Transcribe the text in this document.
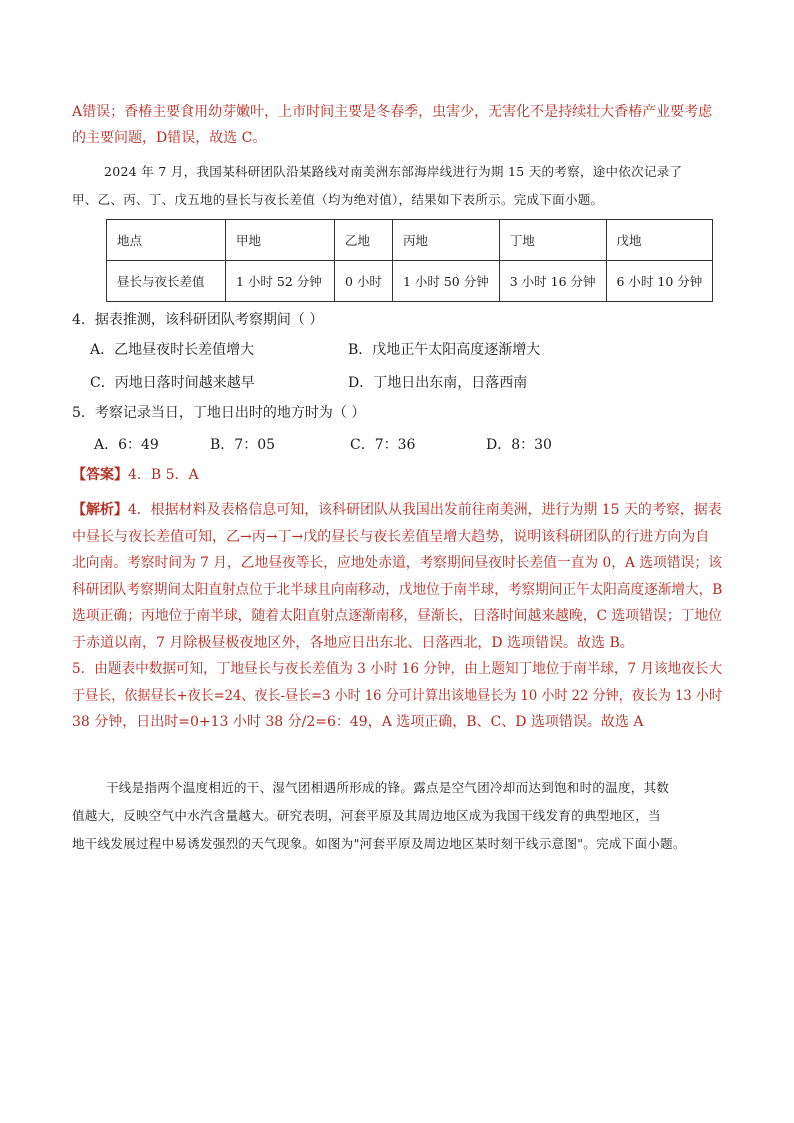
A错误；香椿主要食用幼芽嫩叶，上市时间主要是冬春季，虫害少，无害化不是持续壮大香椿产业要考虑
的主要问题，D错误，故选 C。
2024 年 7 月，我国某科研团队沿某路线对南美洲东部海岸线进行为期 15 天的考察，途中依次记录了
甲、乙、丙、丁、戊五地的昼长与夜长差值（均为绝对值），结果如下表所示。完成下面小题。
地点	甲地	乙地	丙地	丁地	戊地
昼长与夜长差值	1 小时 52 分钟	0 小时	1 小时 50 分钟	3 小时 16 分钟	6 小时 10 分钟
4．据表推测，该科研团队考察期间（ ）
A．乙地昼夜时长差值增大	B．戊地正午太阳高度逐渐增大
C．丙地日落时间越来越早	D．丁地日出东南，日落西南
5．考察记录当日，丁地日出时的地方时为（ ）
A．6：49	B．7：05	C．7：36	D．8：30
【答案】4．B 5．A
【解析】4．根据材料及表格信息可知，该科研团队从我国出发前往南美洲，进行为期 15 天的考察，据表
中昼长与夜长差值可知，乙→丙→丁→戊的昼长与夜长差值呈增大趋势，说明该科研团队的行进方向为自
北向南。考察时间为 7 月，乙地昼夜等长，应地处赤道，考察期间昼夜时长差值一直为 0，A 选项错误；该
科研团队考察期间太阳直射点位于北半球且向南移动，戊地位于南半球，考察期间正午太阳高度逐渐增大，B
选项正确；丙地位于南半球，随着太阳直射点逐渐南移，昼渐长，日落时间越来越晚，C 选项错误；丁地位
于赤道以南，7 月除极昼极夜地区外，各地应日出东北、日落西北，D 选项错误。故选 B。
5．由题表中数据可知，丁地昼长与夜长差值为 3 小时 16 分钟，由上题知丁地位于南半球，7 月该地夜长大
于昼长，依据昼长+夜长=24、夜长-昼长=3 小时 16 分可计算出该地昼长为 10 小时 22 分钟，夜长为 13 小时
38 分钟，日出时=0+13 小时 38 分/2=6：49，A 选项正确，B、C、D 选项错误。故选 A
干线是指两个温度相近的干、湿气团相遇所形成的锋。露点是空气团冷却而达到饱和时的温度，其数
值越大，反映空气中水汽含量越大。研究表明，河套平原及其周边地区成为我国干线发育的典型地区，当
地干线发展过程中易诱发强烈的天气现象。如图为"河套平原及周边地区某时刻干线示意图"。完成下面小题。
